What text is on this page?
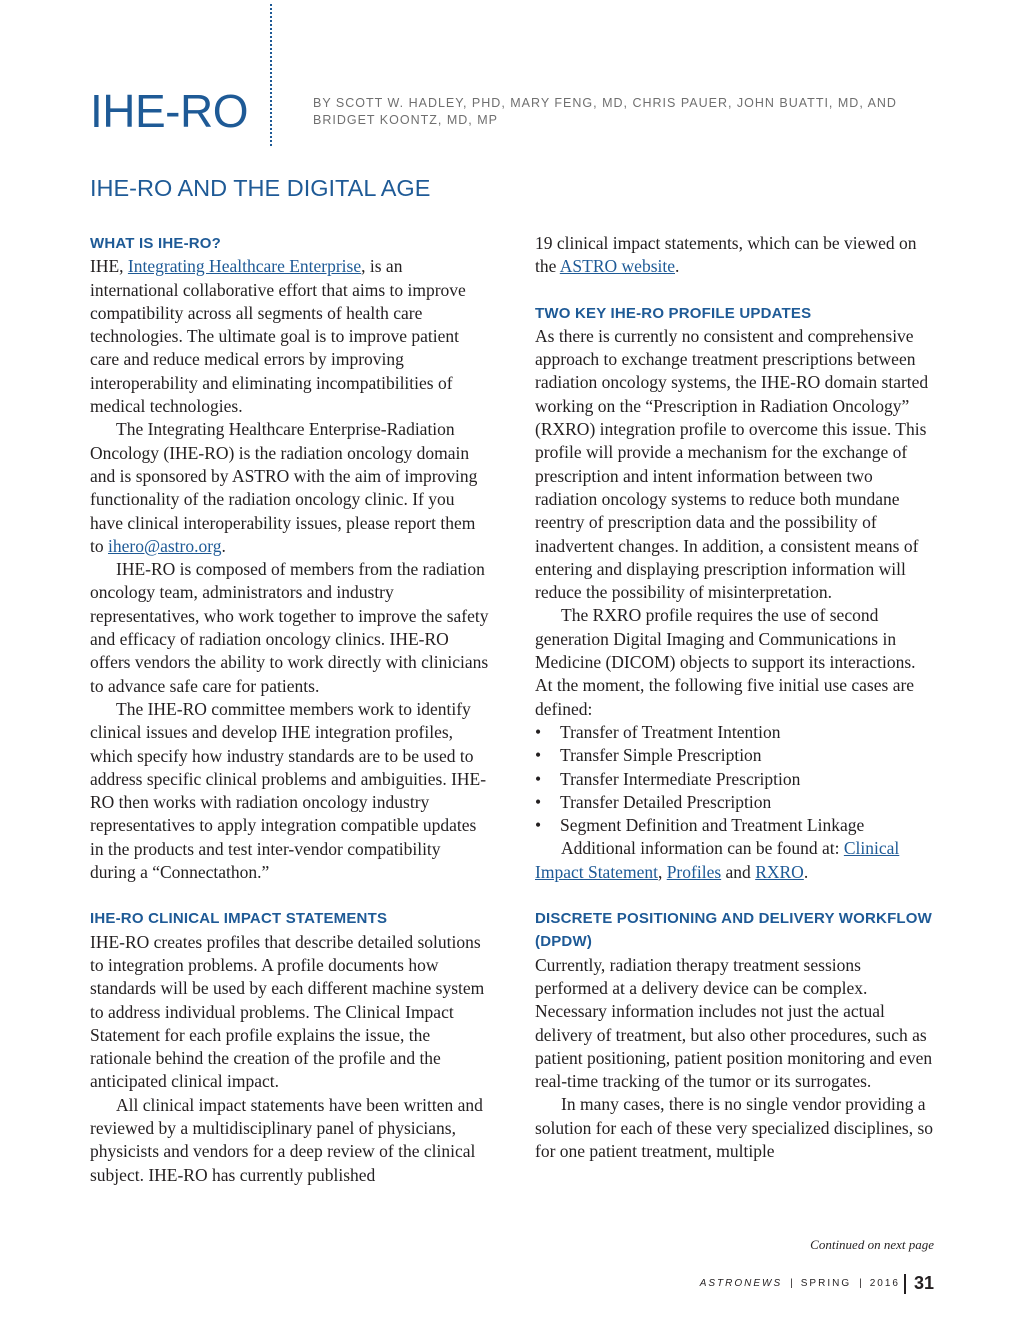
IHE-RO	BY SCOTT W. HADLEY, PHD, MARY FENG, MD, CHRIS PAUER, JOHN BUATTI, MD, AND BRIDGET KOONTZ, MD, MP
IHE-RO AND THE DIGITAL AGE
WHAT IS IHE-RO?

IHE, Integrating Healthcare Enterprise, is an international collaborative effort that aims to improve compatibility across all segments of health care technologies. The ultimate goal is to improve patient care and reduce medical errors by improving interoperability and eliminating incompatibilities of medical technologies.

The Integrating Healthcare Enterprise-Radiation Oncology (IHE-RO) is the radiation oncology domain and is sponsored by ASTRO with the aim of improving functionality of the radiation oncology clinic. If you have clinical interoperability issues, please report them to ihero@astro.org.

IHE-RO is composed of members from the radiation oncology team, administrators and industry representatives, who work together to improve the safety and efficacy of radiation oncology clinics. IHE-RO offers vendors the ability to work directly with clinicians to advance safe care for patients.

The IHE-RO committee members work to identify clinical issues and develop IHE integration profiles, which specify how industry standards are to be used to address specific clinical problems and ambiguities. IHE-RO then works with radiation oncology industry representatives to apply integration compatible updates in the products and test inter-vendor compatibility during a “Connectathon.”

IHE-RO CLINICAL IMPACT STATEMENTS

IHE-RO creates profiles that describe detailed solutions to integration problems. A profile documents how standards will be used by each different machine system to address individual problems. The Clinical Impact Statement for each profile explains the issue, the rationale behind the creation of the profile and the anticipated clinical impact.

All clinical impact statements have been written and reviewed by a multidisciplinary panel of physicians, physicists and vendors for a deep review of the clinical subject. IHE-RO has currently published

19 clinical impact statements, which can be viewed on the ASTRO website.

TWO KEY IHE-RO PROFILE UPDATES

As there is currently no consistent and comprehensive approach to exchange treatment prescriptions between radiation oncology systems, the IHE-RO domain started working on the “Prescription in Radiation Oncology” (RXRO) integration profile to overcome this issue. This profile will provide a mechanism for the exchange of prescription and intent information between two radiation oncology systems to reduce both mundane reentry of prescription data and the possibility of inadvertent changes. In addition, a consistent means of entering and displaying prescription information will reduce the possibility of misinterpretation.

The RXRO profile requires the use of second generation Digital Imaging and Communications in Medicine (DICOM) objects to support its interactions. At the moment, the following five initial use cases are defined:

• Transfer of Treatment Intention
• Transfer Simple Prescription
• Transfer Intermediate Prescription
• Transfer Detailed Prescription
• Segment Definition and Treatment Linkage

Additional information can be found at: Clinical Impact Statement, Profiles and RXRO.

DISCRETE POSITIONING AND DELIVERY WORKFLOW (DPDW)

Currently, radiation therapy treatment sessions performed at a delivery device can be complex. Necessary information includes not just the actual delivery of treatment, but also other procedures, such as patient positioning, patient position monitoring and even real-time tracking of the tumor or its surrogates.

In many cases, there is no single vendor providing a solution for each of these very specialized disciplines, so for one patient treatment, multiple

Continued on next page
ASTRONEWS | SPRING | 2016 31
